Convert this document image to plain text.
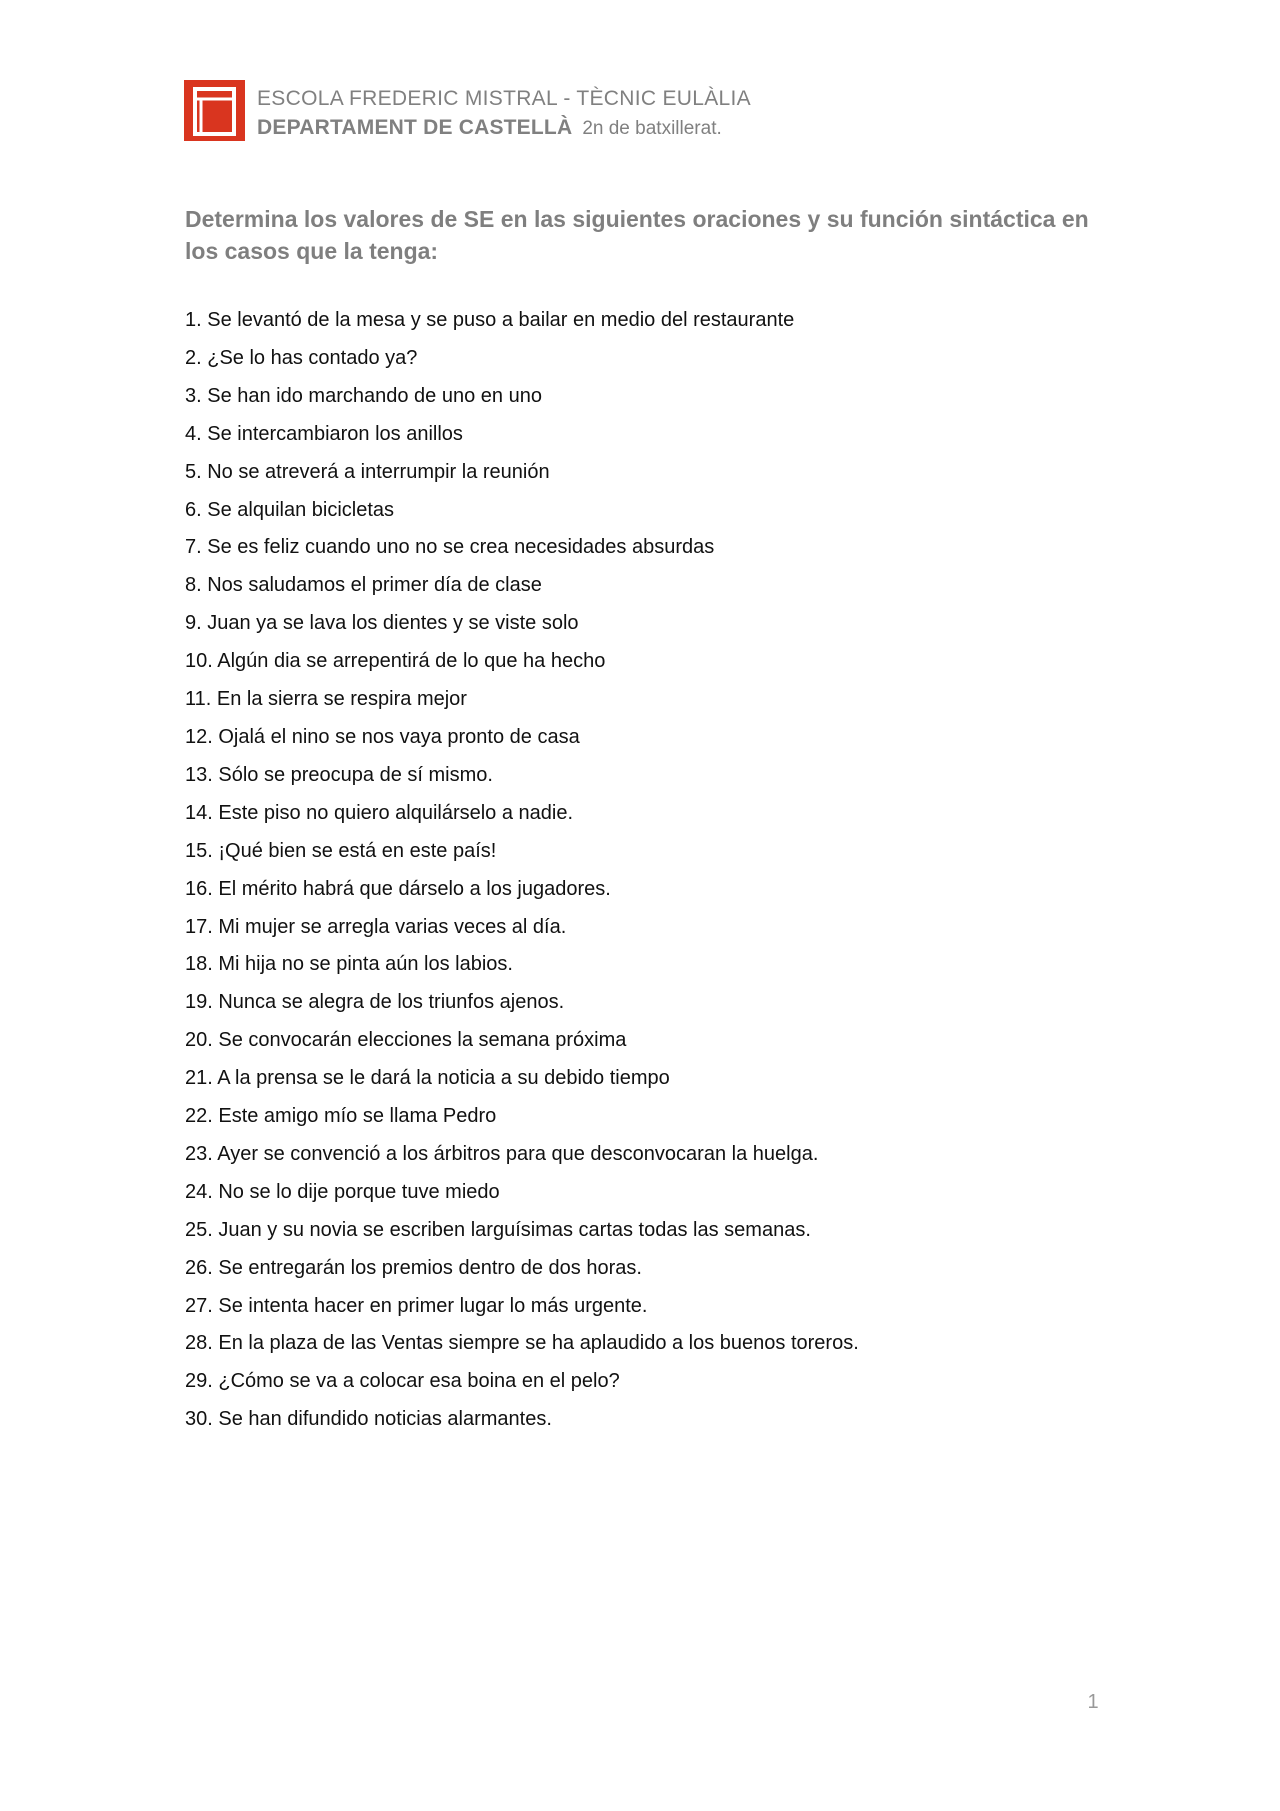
ESCOLA FREDERIC MISTRAL - TÈCNIC EULÀLIA
DEPARTAMENT DE CASTELLÀ 2n de batxillerat.
Determina los valores de SE en las siguientes oraciones y su función sintáctica en los casos que la tenga:
1. Se levantó de la mesa y se puso a bailar en medio del restaurante
2. ¿Se lo has contado ya?
3. Se han ido marchando de uno en uno
4. Se intercambiaron los anillos
5. No se atreverá a interrumpir la reunión
6. Se alquilan bicicletas
7. Se es feliz cuando uno no se crea necesidades absurdas
8. Nos saludamos el primer día de clase
9. Juan ya se lava los dientes y se viste solo
10. Algún dia se arrepentirá de lo que ha hecho
11. En la sierra se respira mejor
12. Ojalá el nino se nos vaya pronto de casa
13. Sólo se preocupa de sí mismo.
14. Este piso no quiero alquilárselo a nadie.
15. ¡Qué bien se está en este país!
16. El mérito habrá que dárselo a los jugadores.
17. Mi mujer se arregla varias veces al día.
18. Mi hija no se pinta aún los labios.
19. Nunca se alegra de los triunfos ajenos.
20. Se convocarán elecciones la semana próxima
21. A la prensa se le dará la noticia a su debido tiempo
22. Este amigo mío se llama Pedro
23. Ayer se convenció a los árbitros para que desconvocaran la huelga.
24. No se lo dije porque tuve miedo
25. Juan y su novia se escriben larguísimas cartas todas las semanas.
26. Se entregarán los premios dentro de dos horas.
27. Se intenta hacer en primer lugar lo más urgente.
28. En la plaza de las Ventas siempre se ha aplaudido a los buenos toreros.
29. ¿Cómo se va a colocar esa boina en el pelo?
30. Se han difundido noticias alarmantes.
1
